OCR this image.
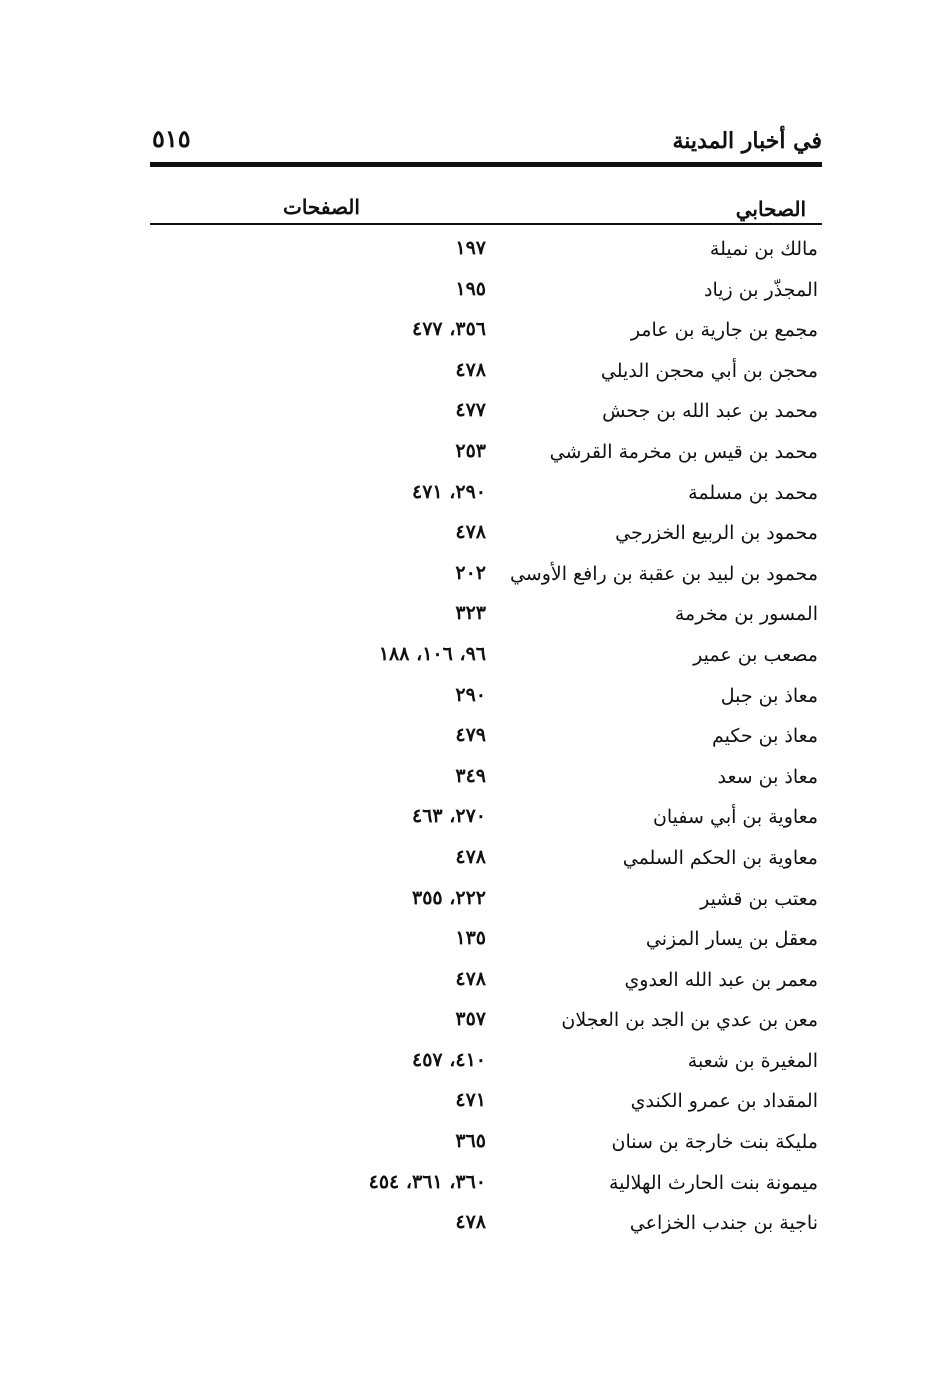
في أخبار المدينة
٥١٥
الصحابي
الصفحات
مالك بن نميلة
١٩٧
المجذّر بن زياد
١٩٥
مجمع بن جارية بن عامر
٣٥٦، ٤٧٧
محجن بن أبي محجن الديلي
٤٧٨
محمد بن عبد الله بن جحش
٤٧٧
محمد بن قيس بن مخرمة القرشي
٢٥٣
محمد بن مسلمة
٢٩٠، ٤٧١
محمود بن الربيع الخزرجي
٤٧٨
محمود بن لبيد بن عقبة بن رافع الأوسي
٢٠٢
المسور بن مخرمة
٣٢٣
مصعب بن عمير
٩٦، ١٠٦، ١٨٨
معاذ بن جبل
٢٩٠
معاذ بن حكيم
٤٧٩
معاذ بن سعد
٣٤٩
معاوية بن أبي سفيان
٢٧٠، ٤٦٣
معاوية بن الحكم السلمي
٤٧٨
معتب بن قشير
٢٢٢، ٣٥٥
معقل بن يسار المزني
١٣٥
معمر بن عبد الله العدوي
٤٧٨
معن بن عدي بن الجد بن العجلان
٣٥٧
المغيرة بن شعبة
٤١٠، ٤٥٧
المقداد بن عمرو الكندي
٤٧١
مليكة بنت خارجة بن سنان
٣٦٥
ميمونة بنت الحارث الهلالية
٣٦٠، ٣٦١، ٤٥٤
ناجية بن جندب الخزاعي
٤٧٨
